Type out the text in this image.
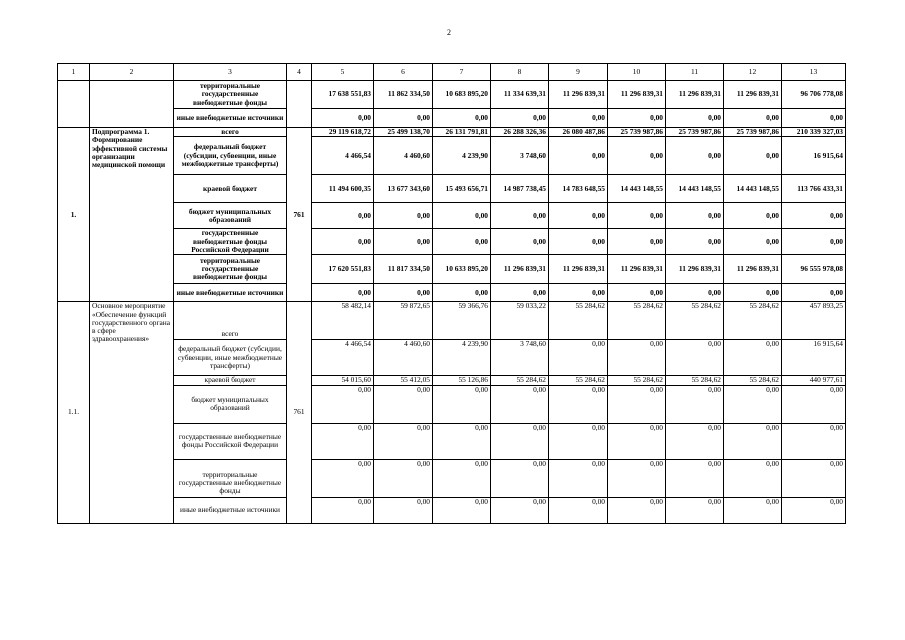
2
1	2	3	4	5	6	7	8	9	10	11	12	13
		территориальные государственные внебюджетные фонды		17 638 551,83	11 862 334,50	10 683 895,20	11 334 639,31	11 296 839,31	11 296 839,31	11 296 839,31	11 296 839,31	96 706 778,08
		иные внебюджетные источники		0,00	0,00	0,00	0,00	0,00	0,00	0,00	0,00	0,00
1.	Подпрограмма 1. Формирование эффективной системы организации медицинской помощи	всего	761	29 119 618,72	25 499 138,70	26 131 791,81	26 288 326,36	26 080 487,86	25 739 987,86	25 739 987,86	25 739 987,86	210 339 327,03
		федеральный бюджет (субсидии, субвенции, иные межбюджетные трансферты)		4 466,54	4 460,60	4 239,90	3 748,60	0,00	0,00	0,00	0,00	16 915,64
		краевой бюджет		11 494 600,35	13 677 343,60	15 493 656,71	14 987 738,45	14 783 648,55	14 443 148,55	14 443 148,55	14 443 148,55	113 766 433,31
		бюджет муниципальных образований		0,00	0,00	0,00	0,00	0,00	0,00	0,00	0,00	0,00
		государственные внебюджетные фонды Российской Федерации		0,00	0,00	0,00	0,00	0,00	0,00	0,00	0,00	0,00
		территориальные государственные внебюджетные фонды		17 620 551,83	11 817 334,50	10 633 895,20	11 296 839,31	11 296 839,31	11 296 839,31	11 296 839,31	11 296 839,31	96 555 978,08
		иные внебюджетные источники		0,00	0,00	0,00	0,00	0,00	0,00	0,00	0,00	0,00
1.1.	Основное мероприятие «Обеспечение функций государственного органа в сфере здравоохранения»	всего	761	58 482,14	59 872,65	59 366,76	59 033,22	55 284,62	55 284,62	55 284,62	55 284,62	457 893,25
		федеральный бюджет (субсидии, субвенции, иные межбюджетные трансферты)		4 466,54	4 460,60	4 239,90	3 748,60	0,00	0,00	0,00	0,00	16 915,64
		краевой бюджет		54 015,60	55 412,05	55 126,86	55 284,62	55 284,62	55 284,62	55 284,62	55 284,62	440 977,61
		бюджет муниципальных образований		0,00	0,00	0,00	0,00	0,00	0,00	0,00	0,00	0,00
		государственные внебюджетные фонды Российской Федерации		0,00	0,00	0,00	0,00	0,00	0,00	0,00	0,00	0,00
		территориальные государственные внебюджетные фонды		0,00	0,00	0,00	0,00	0,00	0,00	0,00	0,00	0,00
		иные внебюджетные источники		0,00	0,00	0,00	0,00	0,00	0,00	0,00	0,00	0,00
